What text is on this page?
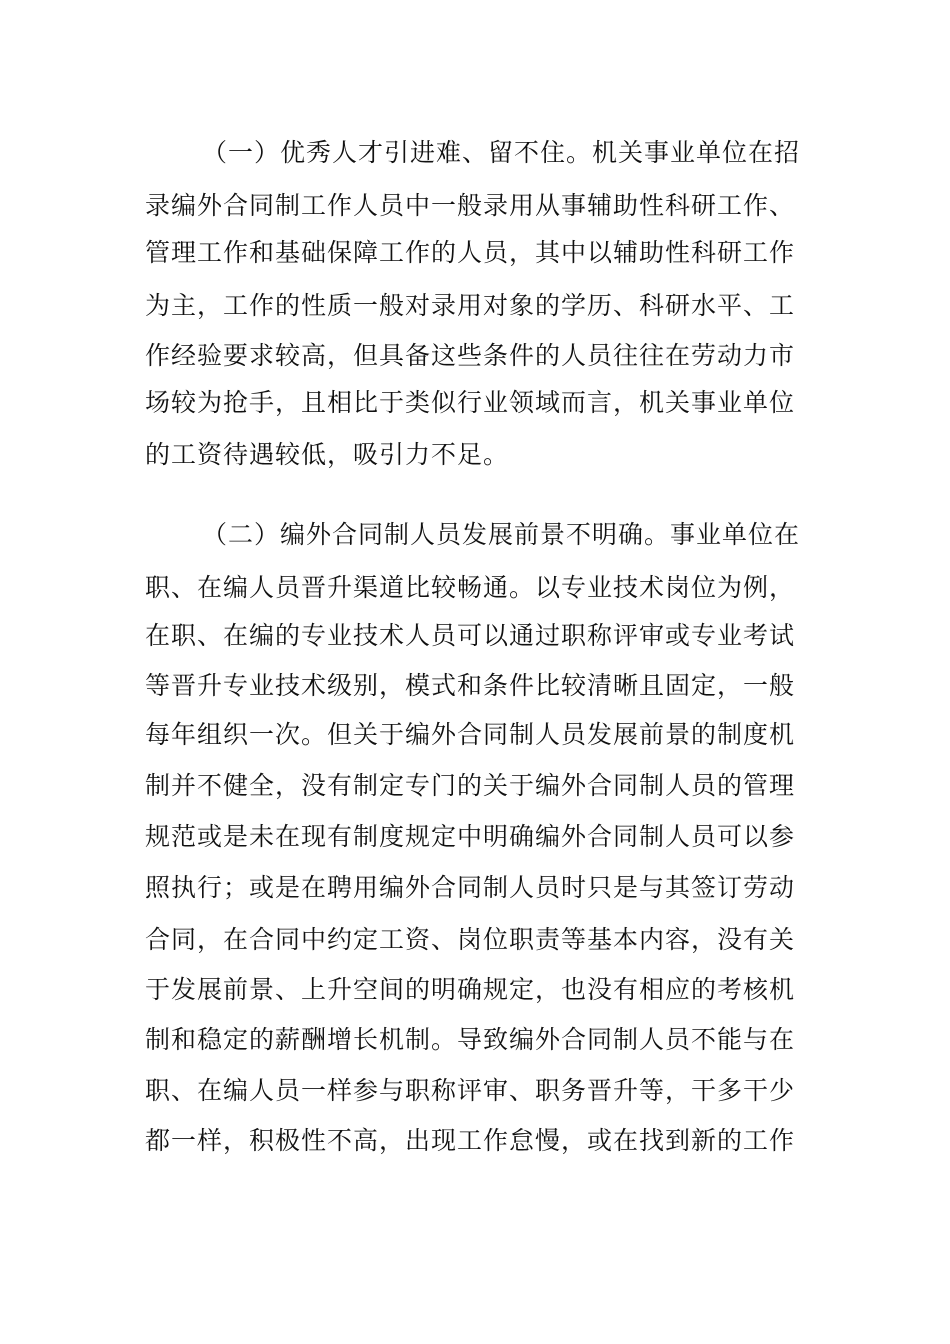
（一）优秀人才引进难、留不住。机关事业单位在招
录编外合同制工作人员中一般录用从事辅助性科研工作、
管理工作和基础保障工作的人员，其中以辅助性科研工作
为主，工作的性质一般对录用对象的学历、科研水平、工
作经验要求较高，但具备这些条件的人员往往在劳动力市
场较为抢手，且相比于类似行业领域而言，机关事业单位
的工资待遇较低，吸引力不足。
（二）编外合同制人员发展前景不明确。事业单位在
职、在编人员晋升渠道比较畅通。以专业技术岗位为例，
在职、在编的专业技术人员可以通过职称评审或专业考试
等晋升专业技术级别，模式和条件比较清晰且固定，一般
每年组织一次。但关于编外合同制人员发展前景的制度机
制并不健全，没有制定专门的关于编外合同制人员的管理
规范或是未在现有制度规定中明确编外合同制人员可以参
照执行；或是在聘用编外合同制人员时只是与其签订劳动
合同，在合同中约定工资、岗位职责等基本内容，没有关
于发展前景、上升空间的明确规定，也没有相应的考核机
制和稳定的薪酬增长机制。导致编外合同制人员不能与在
职、在编人员一样参与职称评审、职务晋升等，干多干少
都一样，积极性不高，出现工作怠慢，或在找到新的工作
